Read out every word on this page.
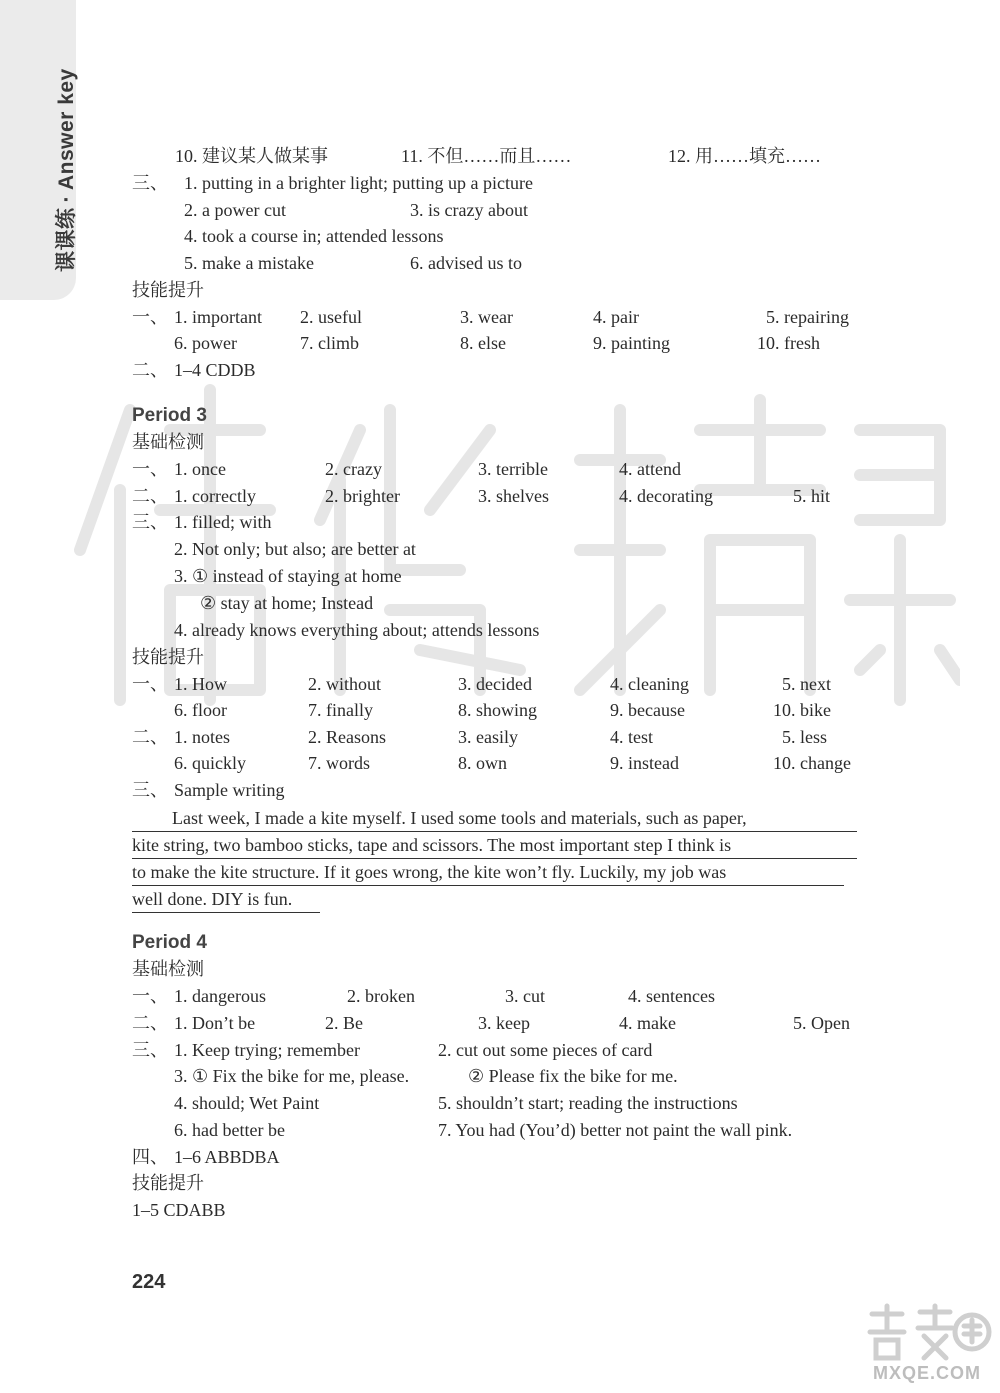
课课练·Answer key	10. 建议某人做某事	11. 不但……而且……	12. 用……填充……
三、 1. putting in a brighter light; putting up a picture
2. a power cut	3. is crazy about
4. took a course in; attended lessons
5. make a mistake	6. advised us to
技能提升
一、 1. important 2. useful	3. wear	4. pair	5. repairing
6. power	7. climb	8. else	9. painting	10. fresh
二、 1–4 CDDB
Period 3
基础检测
一、 1. once	2. crazy	3. terrible	4. attend
二、 1. correctly	2. brighter	3. shelves	4. decorating	5. hit
三、 1. filled; with
2. Not only; but also; are better at
3. ① instead of staying at home
② stay at home; Instead
4. already knows everything about; attends lessons
技能提升
一、 1. How	2. without	3. decided	4. cleaning	5. next
6. floor	7. finally	8. showing	9. because	10. bike
二、 1. notes	2. Reasons	3. easily	4. test	5. less
6. quickly	7. words	8. own	9. instead	10. change
三、 Sample writing
Last week, I made a kite myself. I used some tools and materials, such as paper,
kite string, two bamboo sticks, tape and scissors. The most important step I think is
to make the kite structure. If it goes wrong, the kite won’t fly. Luckily, my job was
well done. DIY is fun.
Period 4
基础检测
一、 1. dangerous	2. broken	3. cut	4. sentences
二、 1. Don’t be	2. Be	3. keep	4. make	5. Open
三、 1. Keep trying; remember	2. cut out some pieces of card
3. ① Fix the bike for me, please.	② Please fix the bike for me.
4. should; Wet Paint	5. shouldn’t start; reading the instructions
6. had better be	7. You had (You’d) better not paint the wall pink.
四、 1–6 ABBDBA
技能提升
1–5 CDABB
224
MXQE.COM
